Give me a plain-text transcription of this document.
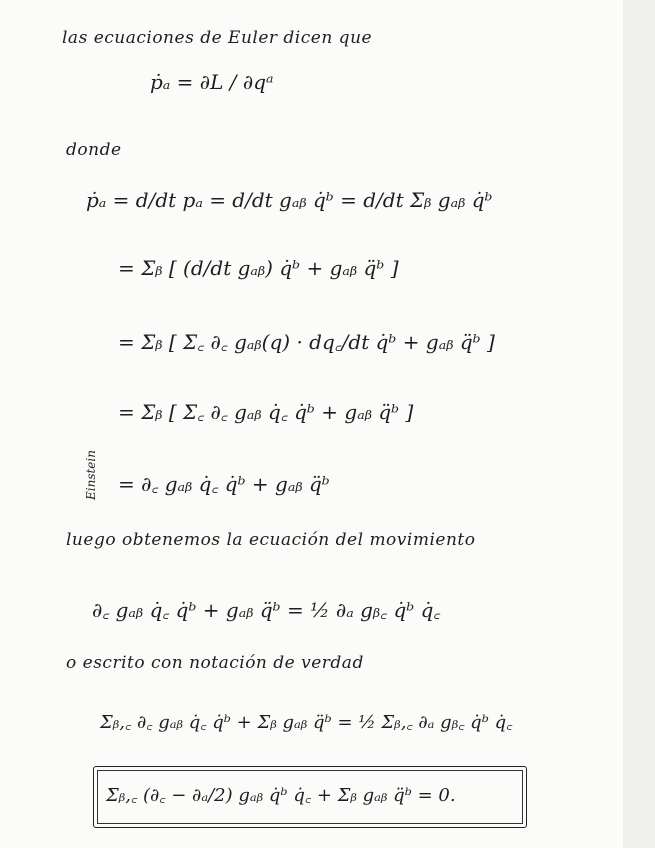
las ecuaciones de Euler dicen que
ṗₐ = ∂L / ∂qᵃ
donde
ṗₐ = d/dt pₐ = d/dt gₐᵦ q̇ᵇ = d/dt Σᵦ gₐᵦ q̇ᵇ
= Σᵦ [ (d/dt gₐᵦ) q̇ᵇ + gₐᵦ q̈ᵇ ]
= Σᵦ [ Σ꜀ ∂꜀ gₐᵦ(q) · dq꜀/dt q̇ᵇ + gₐᵦ q̈ᵇ ]
= Σᵦ [ Σ꜀ ∂꜀ gₐᵦ q̇꜀ q̇ᵇ + gₐᵦ q̈ᵇ ]
Einstein = ∂꜀ gₐᵦ q̇꜀ q̇ᵇ + gₐᵦ q̈ᵇ
luego obtenemos la ecuación del movimiento
∂꜀ gₐᵦ q̇꜀ q̇ᵇ + gₐᵦ q̈ᵇ = ½ ∂ₐ gᵦ꜀ q̇ᵇ q̇꜀
o escrito con notación de verdad
Σᵦ,꜀ ∂꜀ gₐᵦ q̇꜀ q̇ᵇ + Σᵦ gₐᵦ q̈ᵇ = ½ Σᵦ,꜀ ∂ₐ gᵦ꜀ q̇ᵇ q̇꜀
Σᵦ,꜀ (∂꜀ − ∂ₐ/2) gₐᵦ q̇ᵇ q̇꜀ + Σᵦ gₐᵦ q̈ᵇ = 0.
